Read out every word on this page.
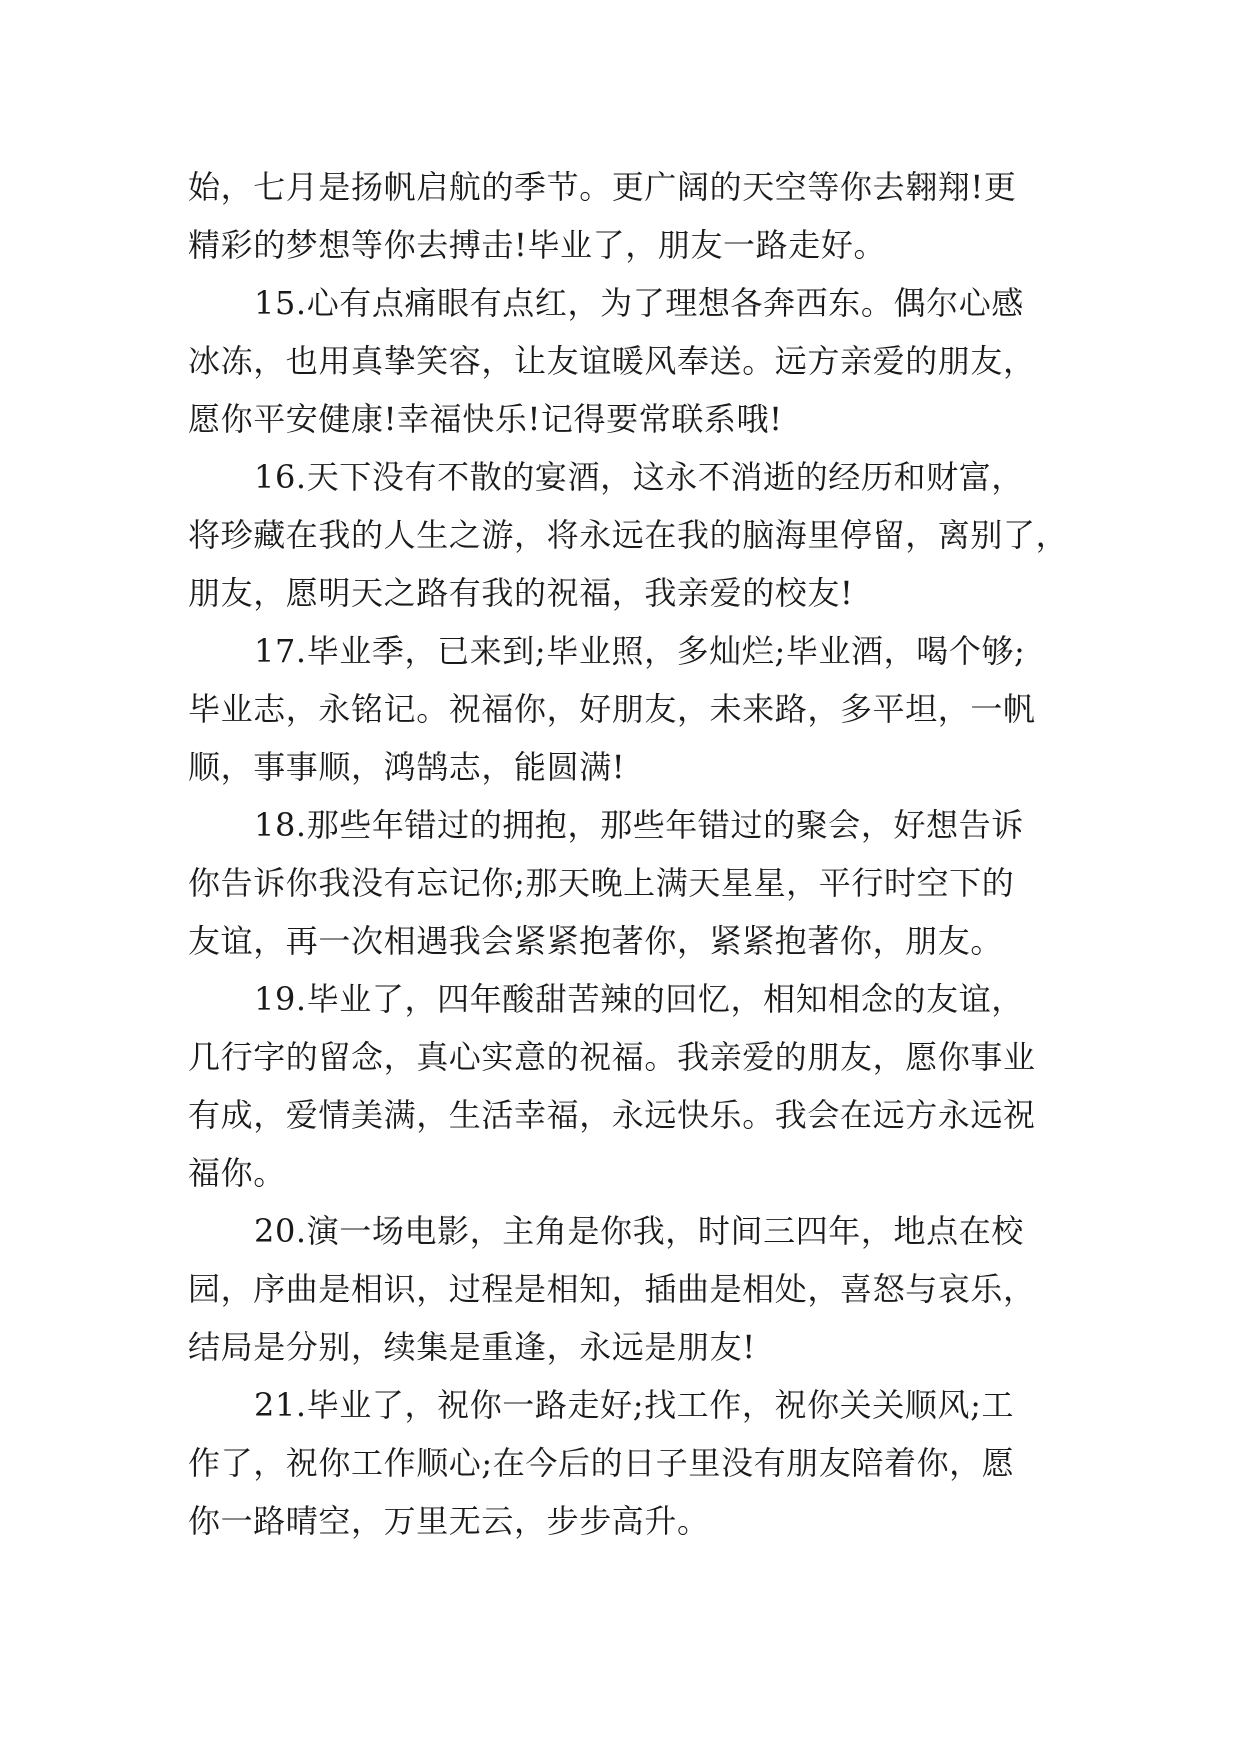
始，七月是扬帆启航的季节。更广阔的天空等你去翱翔!更
精彩的梦想等你去搏击!毕业了，朋友一路走好。
15.心有点痛眼有点红，为了理想各奔西东。偶尔心感
冰冻，也用真挚笑容，让友谊暖风奉送。远方亲爱的朋友，
愿你平安健康!幸福快乐!记得要常联系哦!
16.天下没有不散的宴酒，这永不消逝的经历和财富，
将珍藏在我的人生之游，将永远在我的脑海里停留，离别了，
朋友，愿明天之路有我的祝福，我亲爱的校友!
17.毕业季，已来到;毕业照，多灿烂;毕业酒，喝个够;
毕业志，永铭记。祝福你，好朋友，未来路，多平坦，一帆
顺，事事顺，鸿鹄志，能圆满!
18.那些年错过的拥抱，那些年错过的聚会，好想告诉
你告诉你我没有忘记你;那天晚上满天星星，平行时空下的
友谊，再一次相遇我会紧紧抱著你，紧紧抱著你，朋友。
19.毕业了，四年酸甜苦辣的回忆，相知相念的友谊，
几行字的留念，真心实意的祝福。我亲爱的朋友，愿你事业
有成，爱情美满，生活幸福，永远快乐。我会在远方永远祝
福你。
20.演一场电影，主角是你我，时间三四年，地点在校
园，序曲是相识，过程是相知，插曲是相处，喜怒与哀乐，
结局是分别，续集是重逢，永远是朋友!
21.毕业了，祝你一路走好;找工作，祝你关关顺风;工
作了，祝你工作顺心;在今后的日子里没有朋友陪着你，愿
你一路晴空，万里无云，步步高升。
